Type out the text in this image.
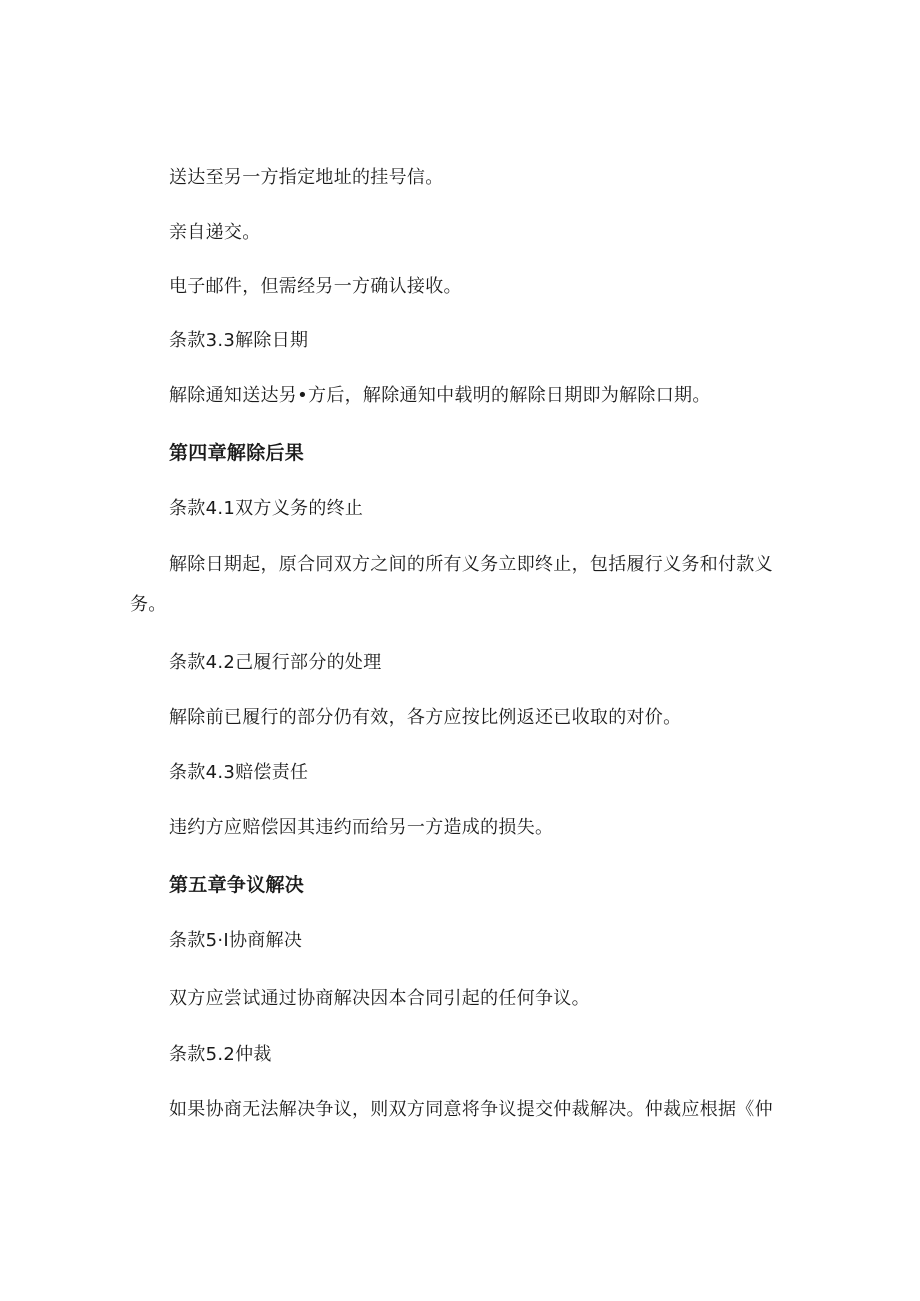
送达至另一方指定地址的挂号信。
亲自递交。
电子邮件，但需经另一方确认接收。
条款3.3解除日期
解除通知送达另•方后，解除通知中载明的解除日期即为解除口期。
第四章解除后果
条款4.1双方义务的终止
解除日期起，原合同双方之间的所有义务立即终止，包括履行义务和付款义务。
条款4.2己履行部分的处理
解除前已履行的部分仍有效，各方应按比例返还已收取的对价。
条款4.3赔偿责任
违约方应赔偿因其违约而给另一方造成的损失。
第五章争议解决
条款5·I协商解决
双方应尝试通过协商解决因本合同引起的任何争议。
条款5.2仲裁
如果协商无法解决争议，则双方同意将争议提交仲裁解决。仲裁应根据《仲
